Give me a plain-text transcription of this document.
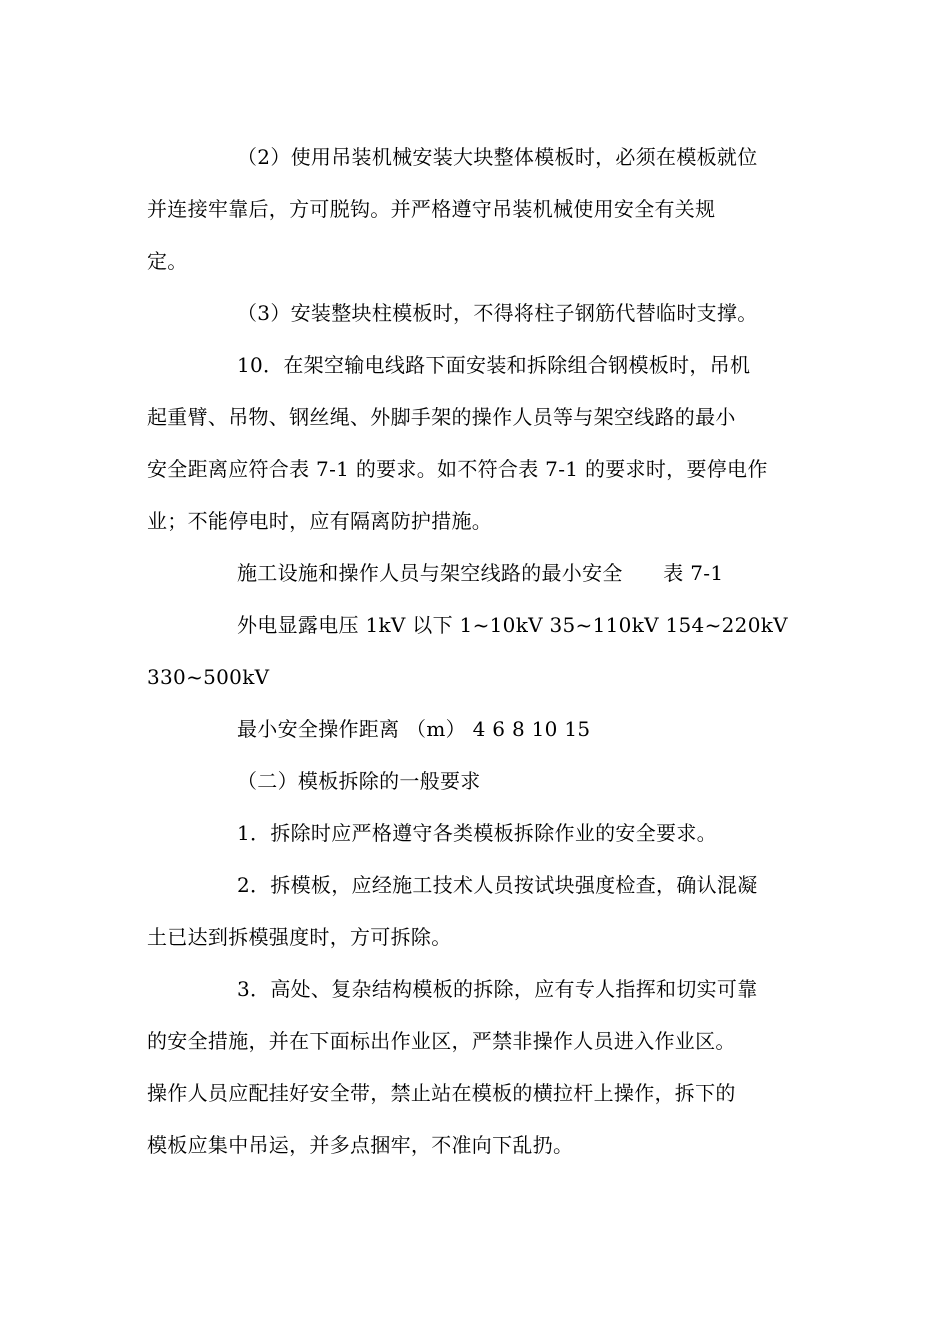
（2）使用吊装机械安装大块整体模板时，必须在模板就位

并连接牢靠后，方可脱钩。并严格遵守吊装机械使用安全有关规

定。

（3）安装整块柱模板时，不得将柱子钢筋代替临时支撑。

10．在架空输电线路下面安装和拆除组合钢模板时，吊机

起重臂、吊物、钢丝绳、外脚手架的操作人员等与架空线路的最小

安全距离应符合表 7-1 的要求。如不符合表 7-1 的要求时，要停电作

业；不能停电时，应有隔离防护措施。

施工设施和操作人员与架空线路的最小安全　　表 7-1

外电显露电压 1kV 以下 1~10kV 35~110kV 154~220kV

330~500kV

最小安全操作距离 （m） 4 6 8 10 15

（二）模板拆除的一般要求

1．拆除时应严格遵守各类模板拆除作业的安全要求。

2．拆模板，应经施工技术人员按试块强度检查，确认混凝

土已达到拆模强度时，方可拆除。

3．高处、复杂结构模板的拆除，应有专人指挥和切实可靠

的安全措施，并在下面标出作业区，严禁非操作人员进入作业区。

操作人员应配挂好安全带，禁止站在模板的横拉杆上操作，拆下的

模板应集中吊运，并多点捆牢，不准向下乱扔。
